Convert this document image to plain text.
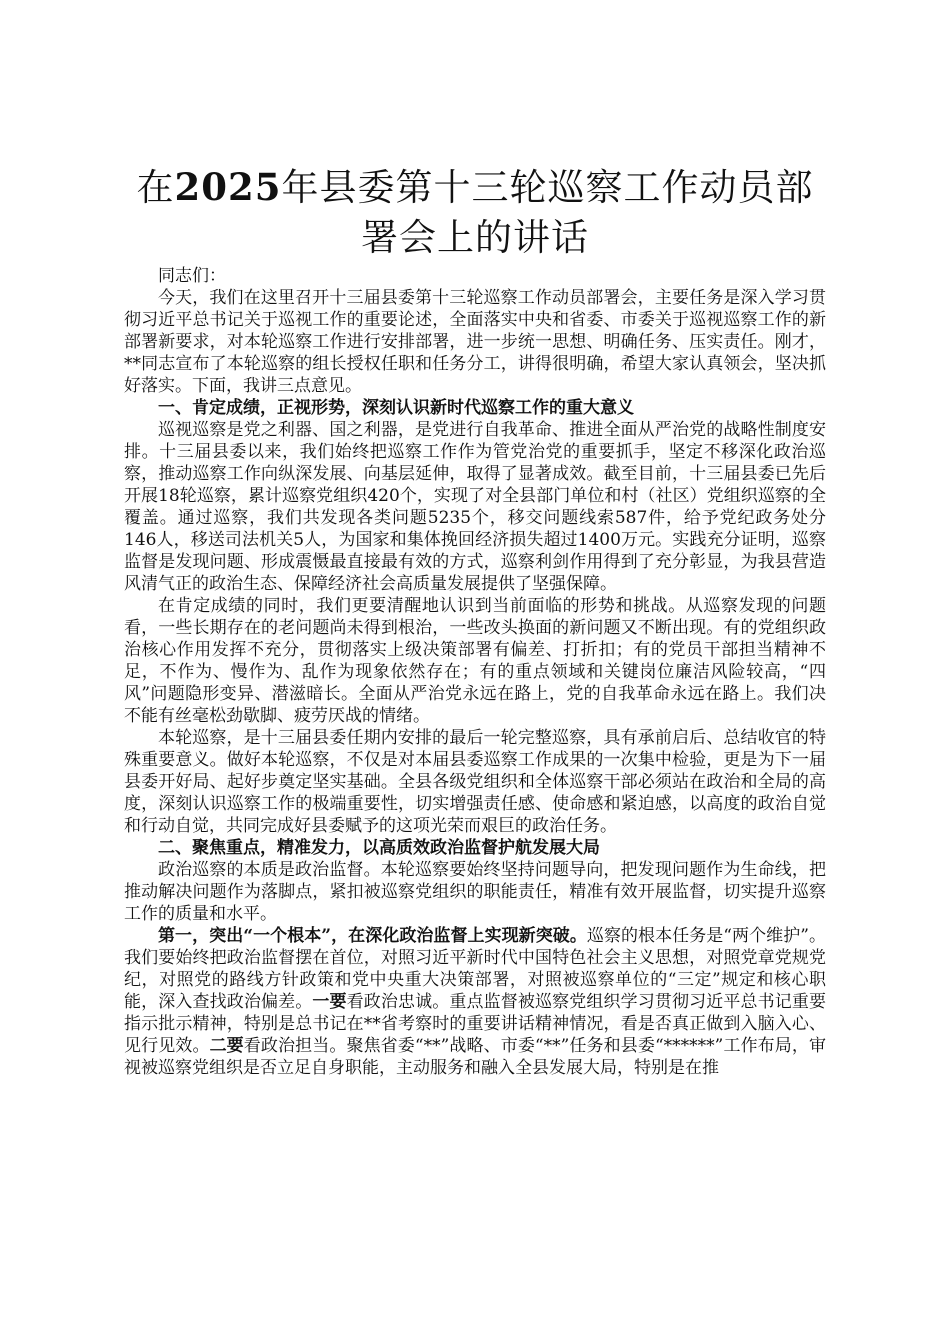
在2025年县委第十三轮巡察工作动员部署会上的讲话

同志们：

今天，我们在这里召开十三届县委第十三轮巡察工作动员部署会，主要任务是深入学习贯彻习近平总书记关于巡视工作的重要论述，全面落实中央和省委、市委关于巡视巡察工作的新部署新要求，对本轮巡察工作进行安排部署，进一步统一思想、明确任务、压实责任。刚才，**同志宣布了本轮巡察的组长授权任职和任务分工，讲得很明确，希望大家认真领会，坚决抓好落实。下面，我讲三点意见。

一、肯定成绩，正视形势，深刻认识新时代巡察工作的重大意义

巡视巡察是党之利器、国之利器，是党进行自我革命、推进全面从严治党的战略性制度安排。十三届县委以来，我们始终把巡察工作作为管党治党的重要抓手，坚定不移深化政治巡察，推动巡察工作向纵深发展、向基层延伸，取得了显著成效。截至目前，十三届县委已先后开展18轮巡察，累计巡察党组织420个，实现了对全县部门单位和村（社区）党组织巡察的全覆盖。通过巡察，我们共发现各类问题5235个，移交问题线索587件，给予党纪政务处分146人，移送司法机关5人，为国家和集体挽回经济损失超过1400万元。实践充分证明，巡察监督是发现问题、形成震慑最直接最有效的方式，巡察利剑作用得到了充分彰显，为我县营造风清气正的政治生态、保障经济社会高质量发展提供了坚强保障。

在肯定成绩的同时，我们更要清醒地认识到当前面临的形势和挑战。从巡察发现的问题看，一些长期存在的老问题尚未得到根治，一些改头换面的新问题又不断出现。有的党组织政治核心作用发挥不充分，贯彻落实上级决策部署有偏差、打折扣；有的党员干部担当精神不足，不作为、慢作为、乱作为现象依然存在；有的重点领域和关键岗位廉洁风险较高，“四风”问题隐形变异、潜滋暗长。全面从严治党永远在路上，党的自我革命永远在路上。我们决不能有丝毫松劲歇脚、疲劳厌战的情绪。

本轮巡察，是十三届县委任期内安排的最后一轮完整巡察，具有承前启后、总结收官的特殊重要意义。做好本轮巡察，不仅是对本届县委巡察工作成果的一次集中检验，更是为下一届县委开好局、起好步奠定坚实基础。全县各级党组织和全体巡察干部必须站在政治和全局的高度，深刻认识巡察工作的极端重要性，切实增强责任感、使命感和紧迫感，以高度的政治自觉和行动自觉，共同完成好县委赋予的这项光荣而艰巨的政治任务。

二、聚焦重点，精准发力，以高质效政治监督护航发展大局

政治巡察的本质是政治监督。本轮巡察要始终坚持问题导向，把发现问题作为生命线，把推动解决问题作为落脚点，紧扣被巡察党组织的职能责任，精准有效开展监督，切实提升巡察工作的质量和水平。

第一，突出“一个根本”，在深化政治监督上实现新突破。巡察的根本任务是“两个维护”。我们要始终把政治监督摆在首位，对照习近平新时代中国特色社会主义思想，对照党章党规党纪，对照党的路线方针政策和党中央重大决策部署，对照被巡察单位的“三定”规定和核心职能，深入查找政治偏差。一要看政治忠诚。重点监督被巡察党组织学习贯彻习近平总书记重要指示批示精神，特别是总书记在**省考察时的重要讲话精神情况，看是否真正做到入脑入心、见行见效。二要看政治担当。聚焦省委“**”战略、市委“**”任务和县委“******”工作布局，审视被巡察党组织是否立足自身职能，主动服务和融入全县发展大局，特别是在推
